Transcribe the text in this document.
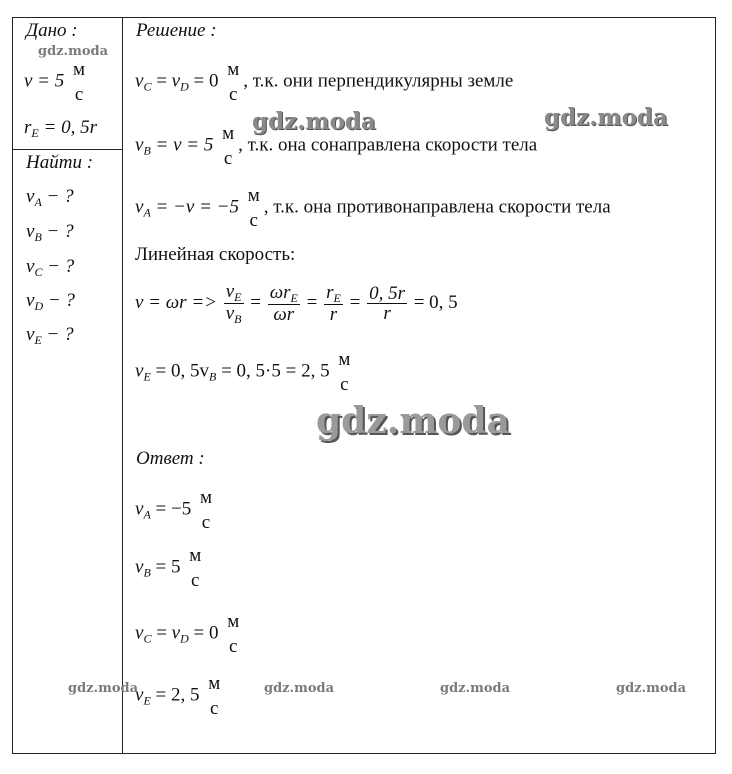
Дано :
gdz.moda
v = 5
м
с
$r_E = 0$, 5r
Найти :
$v_A$ − ?
$v_B$ − ?
$v_C$ − ?
$v_D$ − ?
$v_E$ − ?
Решение :
$v_C = v_D = 0$
м
с
, т.к. они перпендикулярны земле
$v_B = v = 5$
м
с
, т.к. она сонаправлена скорости тела
$v_A = -v = -5$
м
с
, т.к. она противонаправлена скорости тела
Линейная скорость:
$v = \omega r => \frac{v_E}{v_B} = \frac{\omega r_E}{\omega r} = \frac{r_E}{r} = \frac{0, 5r}{r} = 0$, 5
$v_E = 0$, $5v_B = 0$, 5·5 = 2, 5
м
с
Ответ :
$v_A = -5$
м
с
$v_B = 5$
м
с
$v_C = v_D = 0$
м
с
$v_E = 2$, 5
м
с
gdz.moda	gdz.moda
gdz.moda
gdz.moda	gdz.moda	gdz.moda	gdz.moda
